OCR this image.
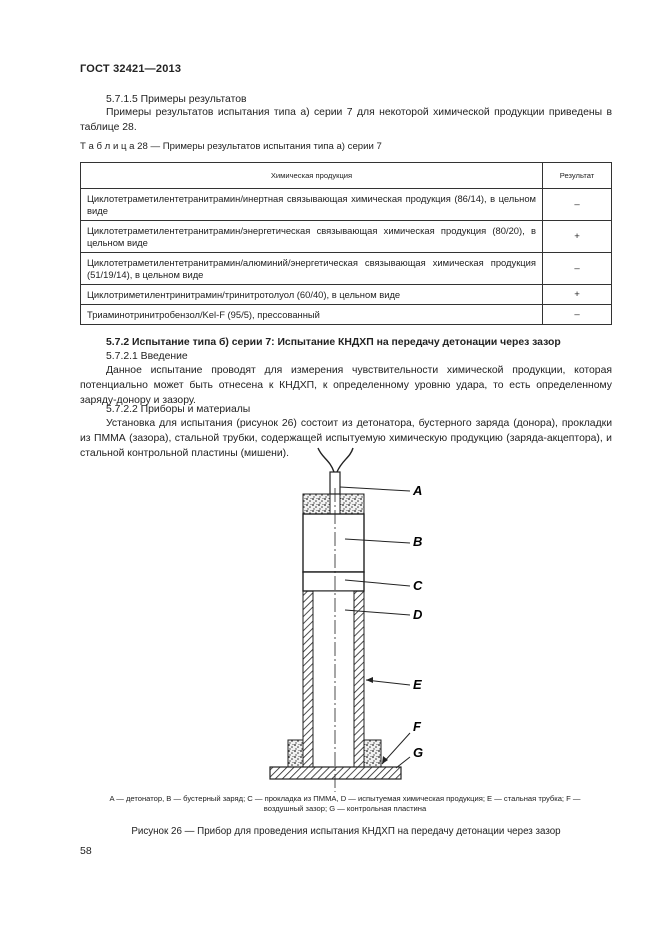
ГОСТ 32421—2013
5.7.1.5 Примеры результатов
Примеры результатов испытания типа а) серии 7 для некоторой химической продукции приведены в таблице 28.
Т а б л и ц а 28 — Примеры результатов испытания типа а) серии 7
Химическая продукция	Результат
Циклотетраметилентетранитрамин/инертная связывающая химическая продукция (86/14), в цельном виде	–
Циклотетраметилентетранитрамин/энергетическая связывающая химическая продукция (80/20), в цельном виде	+
Циклотетраметилентетранитрамин/алюминий/энергетическая связывающая химическая продукция (51/19/14), в цельном виде	–
Циклотриметилентринитрамин/тринитротолуол (60/40), в цельном виде	+
Триаминотринитробензол/Kel-F (95/5), прессованный	–
5.7.2 Испытание типа б) серии 7: Испытание КНДХП на передачу детонации через зазор
5.7.2.1 Введение
Данное испытание проводят для измерения чувствительности химической продукции, которая потенциально может быть отнесена к КНДХП, к определенному уровню удара, то есть определенному заряду-донору и зазору.
5.7.2.2 Приборы и материалы
Установка для испытания (рисунок 26) состоит из детонатора, бустерного заряда (донора), прокладки из ПММА (зазора), стальной трубки, содержащей испытуемую химическую продукцию (заряда-акцептора), и стальной контрольной пластины (мишени).
A
B
C
D
E
F
G
A — детонатор, B — бустерный заряд; C — прокладка из ПММА, D — испытуемая химическая продукция; E — стальная трубка; F — воздушный зазор; G — контрольная пластина
Рисунок 26 — Прибор для проведения испытания КНДХП на передачу детонации через зазор
58
